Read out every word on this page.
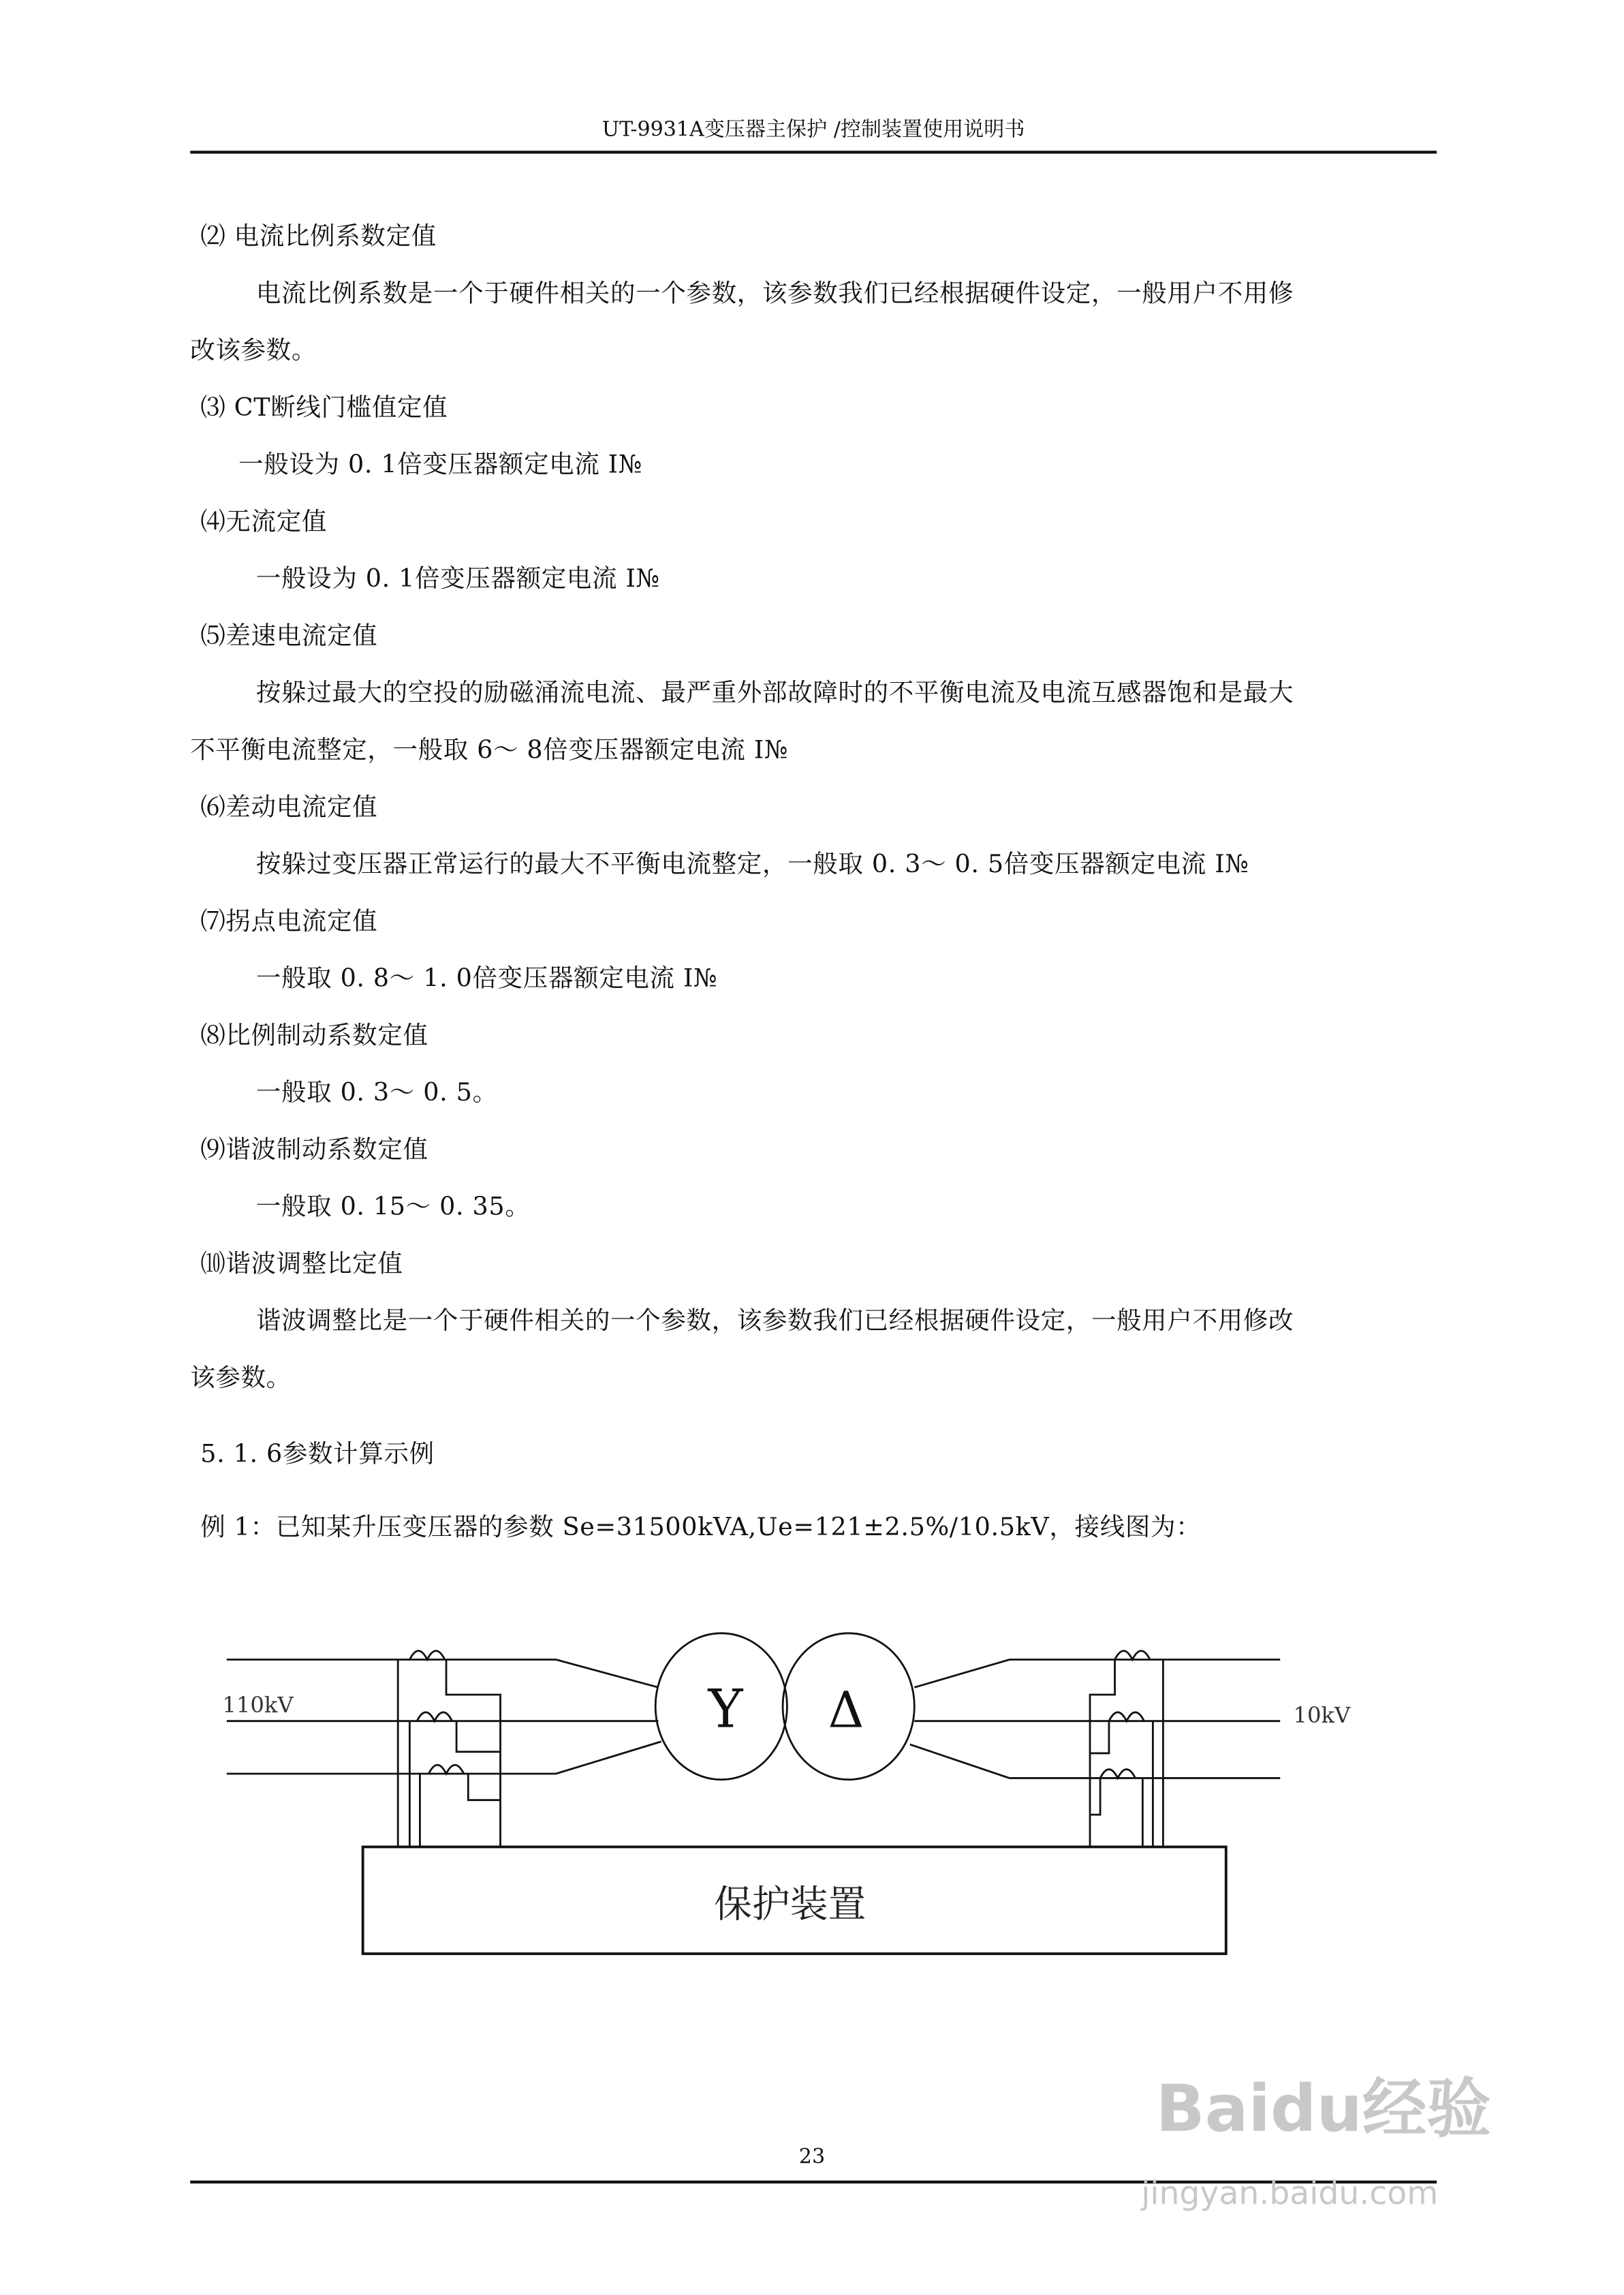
UT-9931A变压器主保护 /控制装置使用说明书
⑵ 电流比例系数定值
电流比例系数是一个于硬件相关的一个参数，该参数我们已经根据硬件设定，一般用户不用修
改该参数。
⑶ CT断线门槛值定值
一般设为 0. 1倍变压器额定电流 I№
⑷无流定值
一般设为 0. 1倍变压器额定电流 I№
⑸差速电流定值
按躲过最大的空投的励磁涌流电流、最严重外部故障时的不平衡电流及电流互感器饱和是最大
不平衡电流整定，一般取 6～ 8倍变压器额定电流 I№
⑹差动电流定值
按躲过变压器正常运行的最大不平衡电流整定，一般取 0. 3～ 0. 5倍变压器额定电流 I№
⑺拐点电流定值
一般取 0. 8～ 1. 0倍变压器额定电流 I№
⑻比例制动系数定值
一般取 0. 3～ 0. 5。
⑼谐波制动系数定值
一般取 0. 15～ 0. 35。
⑽谐波调整比定值
谐波调整比是一个于硬件相关的一个参数，该参数我们已经根据硬件设定，一般用户不用修改
该参数。
5. 1. 6参数计算示例
例 1：已知某升压变压器的参数 Se=31500kVA,Ue=121±2.5%/10.5kV，接线图为：
110kV	10kV
Y	Δ
保护装置
23
Baidu经验
jingyan.baidu.com
